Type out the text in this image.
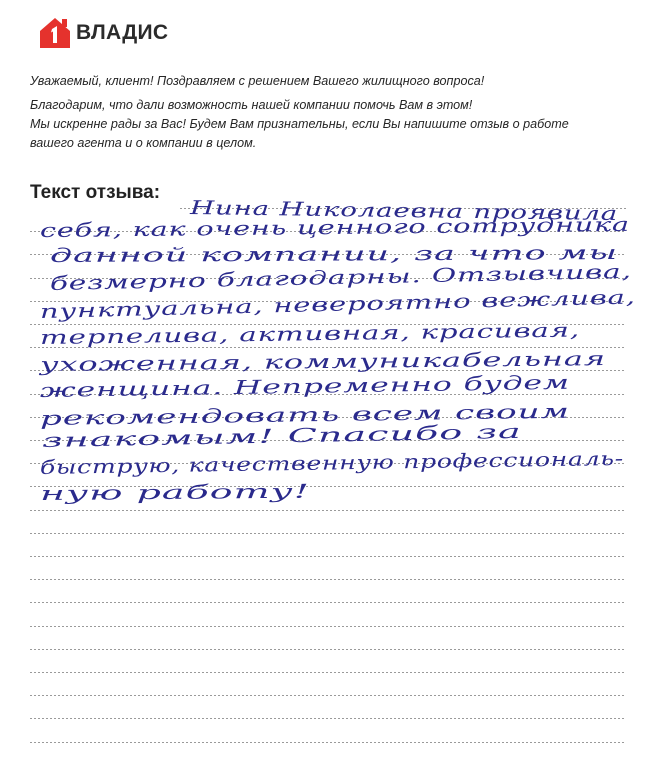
ВЛАДИС

Уважаемый, клиент! Поздравляем с решением Вашего жилищного вопроса!

Благодарим, что дали возможность нашей компании помочь Вам в этом!
Мы искренне рады за Вас! Будем Вам признательны, если Вы напишите отзыв о работе
вашего агента и о компании в целом.

Текст отзыва:
Нина Николаевна проявила
себя, как очень ценного сотрудника
данной компании, за что мы
безмерно благодарны. Отзывчива,
пунктуальна, невероятно вежлива,
терпелива, активная, красивая,
ухоженная, коммуникабельная
женщина. Непременно будем
рекомендовать всем своим
знакомым! Спасибо за
быструю, качественную профессиональ-
ную работу!
